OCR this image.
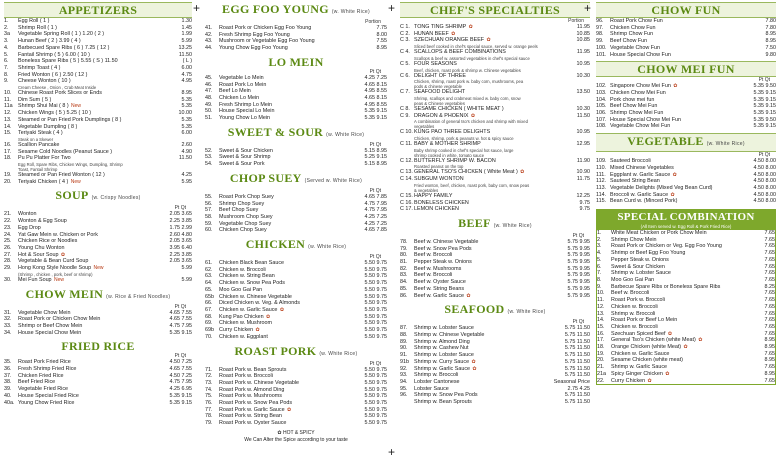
APPETIZERS
1.	Egg Roll ( 1 )	1.30
2.	Shrimp Roll ( 1 )	1.45
3a	Vegetable Spring Roll ( 1 ) 1.20 ( 2 )	1.99
3.	Hunan Beef ( 2 ) 3.99 ( 4 )	5.99
4.	Barbecued Spare Ribs ( 6 ) 7.25 ( 12 )	13.25
5.	Fantail Shrimp ( 5 ) 6.00 ( 10 )	11.50
6.	Boneless Spare Ribs ( 5 ) 5.55 ( S ) 11.50	( L )
7.	Shrimp Toast ( 4 )	6.00
8.	Fried Wonton ( 6 ) 2.50 ( 12 )	4.75
9.	Cheese Wonton ( 10 )	4.95
Cream Cheese , Onion , Crab Meat Inside
10.	Chinese Roast Pork Slices or Ends	8.95
11.	Dim Sum ( 5 )	5.35
11a	Shrimp Shui Mai ( 8 ) New	5.35
12.	Chicken Wings ( 5 ) 5.25 ( 10 )	10.00
13.	Steamed or Pan Fried Pork Dumplings ( 8 )	5.35
14.	Vegetable Dumpling ( 8 )	5.35
15.	Teriyaki Steak ( 4 )	6.00
Steak on a Skewer
16.	Scallion Pancake	2.60
17.	Sesame Cold Noodles (Peanut Sauce )	4.90
18.	Pu Pu Platter For Two	11.50
Egg Roll, Spare Ribs, Chicken Wings, Dumpling, Shrimp
Toast, Fantail Shrimp
19.	Steamed or Pan Fried Wonton ( 12 )	4.25
20.	Teriyaki Chicken ( 4 ) New	5.95
SOUP (w. Crispy Noodles)
Pt Qt
21.	Wonton	2.05 3.65
22.	Wonton & Egg Soup	2.25 3.85
23.	Egg Drop	1.75 2.99
24.	Yat Gaw Mein w. Chicken or Pork	2.60 4.80
25.	Chicken Rice or Noodles	2.05 3.65
26.	Young Chu Wonton	3.95 6.40
27.	Hot & Sour Soup ✿	2.25 3.85
28.	Vegetable & Bean Curd Soup	2.05 3.65
29.	Hong Kong Style Noodle Soup New	5.99
(Shrimp , chicken , pork, beef or shrimp)
30.	Mei Fun Soup New	5.99
CHOW MEIN (w. Rice & Fried Noodles)
Pt Qt
31.	Vegetable Chow Mein	4.65 7.55
32.	Roast Pork or Chicken Chow Mein	4.65 7.55
33.	Shrimp or Beef Chow Mein	4.75 7.95
34.	House Special Chow Mein	5.35 9.15
FRIED RICE
Pt Qt
35.	Roast Pork Fried Rice	4.50 7.25
36.	Fresh Shrimp Fried Rice	4.65 7.55
37.	Chicken Fried Rice	4.50 7.25
38.	Beef Fried Rice	4.75 7.95
39.	Vegetable Fried Rice	4.25 6.95
40.	House Special Fried Rice	5.35 9.15
40a. Young Chow Fried Rice	5.35 9.15
EGG FOO YOUNG (w. White Rice)
Portion
41.	Roast Pork or Chicken Egg Foo Young	7.75
42.	Fresh Shrimp Egg Foo Young	8.00
43.	Mushroom or Vegetable Egg Foo Young	7.55
44.	Young Chow Egg Foo Young	8.95
LO MEIN
Pt Qt
45.	Vegetable Lo Mein	4.25 7.25
46.	Roast Pork Lo Mein	4.65 8.15
47.	Beef Lo Mein	4.95 8.55
48.	Chicken Lo Mein	4.65 8.15
49.	Fresh Shrimp Lo Mein	4.95 8.55
50.	House Special Lo Mein	5.35 9.15
51.	Young Chow Lo Mein	5.35 9.15
SWEET & SOUR (w. White Rice)
Pt Qt
52.	Sweet & Sour Chicken	5.15 8.95
53.	Sweet & Sour Shrimp	5.25 9.15
54.	Sweet & Sour Pork	5.15 8.95
CHOP SUEY (Served w. White Rice)
Pt Qt
55.	Roast Pork Chop Suey	4.65 7.85
56.	Shrimp Chop Suey	4.75 7.95
57.	Beef Chop Suey	4.75 7.95
58.	Mushroom Chop Suey	4.25 7.25
59.	Vegetable Chop Suey	4.25 7.25
60.	Chicken Chop Suey	4.65 7.85
CHICKEN (w. White Rice)
Pt Qt
61.	Chicken Black Bean Sauce	5.50 9.75
62.	Chicken w. Broccoli	5.50 9.75
63.	Chicken w. String Bean	5.50 9.75
64.	Chicken w. Snow Pea Pods	5.50 9.75
65.	Moo Goo Gai Pan	5.50 9.75
65b Chicken w. Chinese Vegetable	5.50 9.75
66.	Diced Chicken w. Veg. & Almonds	5.50 9.75
67.	Chicken w. Garlic Sauce ✿	5.50 9.75
68.	Kung Pao Chicken ✿	5.50 9.75
69.	Chicken w. Mushroom	5.50 9.75
69b Curry Chicken ✿	5.50 9.75
70.	Chicken w. Eggplant	5.50 9.75
ROAST PORK (w. White Rice)
Pt Qt
71.	Roast Pork w. Bean Sprouts	5.50 9.75
72.	Roast Pork w. Broccoli	5.50 9.75
73.	Roast Pork w. Chinese Vegetable	5.50 9.75
74.	Roast Pork w. Almond Ding	5.50 9.75
75.	Roast Pork w. Mushrooms	5.50 9.75
76.	Roast Pork w. Snow Pea Pods	5.50 9.75
77.	Roast Pork w. Garlic Sauce ✿	5.50 9.75
78.	Roast Pork w. String Bean	5.50 9.75
79.	Roast Pork w. Oyster Sauce	5.50 9.75
✿ HOT & SPICY
We Can Alter the Spice according to your taste
CHEF'S SPECIALTIES
Portion
C 1. TONG TING SHRIMP ✿	11.95
C 2. HUNAN BEEF ✿	10.85
C 3. SZECHUAN ORANGE BEEF ✿	10.85
Sliced beef cooked in chef's special sauce, served w. orange peels
C 4. SCALLOPS & BEEF COMBINATIONS	11.95
Scallops & beef w. assorted vegetables in chef's special sauce
C 5. FOUR SEASONS	10.95
Beef, chicken, roast pork & shrimp w. Chinese vegetables
C 6. DELIGHT OF THREE	10.30
Chicken, shrimp, roast pork w. baby corn, mushrooms, pea
pods & chinese vegetable
C 7. SEAFOOD DELIGHT	13.50
Shrimp, scallops and crabmeat mixed w. baby corn, snow
peas & Chinese vegetables
C 8. SESAME CHICKEN ( WHITE MEAT )	10.30
C 9. DRAGON & PHOENIX ✿	11.50
A combination of general tso's chicken and shrimp with mixed
vegetables
C 10. KUNG PAO THREE DELIGHTS	10.95
Chicken, shrimp, pork & peanuts w. hot & spicy sauce
C 11. BABY & MOTHER SHRIMP	12.95
Baby shrimp cooked in chef's special hot sauce, large
shrimp cooked in white, tomato sauce
C 12. BUTTERFLY SHRIMP W. BACON	11.90
Roasted peanut on the top
C 13. GENERAL TSO'S CHICKEN ( White Meat ) ✿	10.90
C 14. SUBGUM WONTON	11.75
Fried wonton, beef, chicken, roast pork, baby corn, snow peas
& vegetables
C 15. HAPPY FAMILY	12.25
C 16. BONELESS CHICKEN	9.75
C 17. LEMON CHICKEN	9.75
BEEF (w. White Rice)
Pt Qt
78.	Beef w. Chinese Vegetable	5.75 9.95
79.	Beef w. Snow Pea Pods	5.75 9.95
80.	Beef w. Broccoli	5.75 9.95
81.	Pepper Steak w. Onions	5.75 9.95
82.	Beef w. Mushrooms	5.75 9.95
83.	Beef w. Broccoli	5.75 9.95
84.	Beef w. Oyster Sauce	5.75 9.95
85.	Beef w. String Beans	5.75 9.95
86.	Beef w. Garlic Sauce ✿	5.75 9.95
SEAFOOD (w. White Rice)
Pt Qt
87.	Shrimp w. Lobster Sauce	5.75 11.50
88.	Shrimp w. Chinese Vegetable	5.75 11.50
89.	Shrimp w. Almond Ding	5.75 11.50
90.	Shrimp w. Cashew Nut	5.75 11.50
91.	Shrimp w. Lobster Sauce	5.75 11.50
91b Shrimp w. Curry Sauce ✿	5.75 11.50
92.	Shrimp w. Garlic Sauce ✿	5.75 11.50
93.	Shrimp w. Broccoli	5.75 11.50
94.	Lobster Cantonese	Seasonal Price
95.	Lobster Sauce	2.75 4.25
96.	Shrimp w. Snow Pea Pods	5.75 11.50
Shrimp w. Bean Sprouts	5.75 11.50
CHOW FUN
96.	Roast Pork Chow Fun	7.80
97.	Chicken Chow Fun	7.80
98.	Shrimp Chow Fun	8.95
99.	Beef Chow Fun	8.95
100. Vegetable Chow Fun	7.50
101. House Special Chow Fun	9.80
CHOW MEI FUN
Pt Qt
102. Singapore Chow Mei Fun ✿	5.35 9.50
103. Chicken Chow Mei Fun	5.35 9.15
104. Pork chow mei fun	5.35 9.15
105. Beef Chow Mei Fun	5.35 9.15
106. Shrimp Chow Mei Fun	5.35 9.15
107. House Special Chow Mei Fun	5.35 9.50
108. Vegetable Chow Mei Fun	5.35 9.15
VEGETABLE (w. White Rice)
Pt Qt
109. Sauteed Broccoli	4.50 8.00
110. Mixed Chinese Vegetables	4.50 8.00
111. Eggplant w. Garlic Sauce ✿	4.50 8.00
112. Sauteed String Bean	4.50 8.00
113. Vegetable Delights (Mixed Veg Bean Curd)	4.50 8.00
114. Broccoli w. Garlic Sauce ✿	4.50 8.00
115. Bean Curd w. (Minced Pork)	4.50 8.00
SPECIAL COMBINATION
(All Item served w. Egg Roll & Pork Fried Rice)
1.	White Meat Chicken or Pork Chow Mein	7.65
2.	Shrimp Chow Mein	7.65
3.	Roast Pork or Chicken or Veg. Egg Foo Young	7.65
4.	Shrimp or Beef Egg Foo Young	7.65
5.	Pepper Steak w. Onions	7.65
6.	Sweet & Sour Chicken	7.65
7.	Shrimp w. Lobster Sauce	7.65
8.	Moo Goo Gai Pan	7.65
9.	Barbecue Spare Ribs or Boneless Spare Ribs	8.25
10.	Beef w. Broccoli	7.65
11.	Roast Pork w. Broccoli	7.65
12.	Chicken w. Broccoli	7.65
13.	Shrimp w. Broccoli	7.65
14.	Roast Pork or Beef Lo Mein	7.65
15.	Chicken w. Broccoli	7.65
16.	Szechuan Spiced Beef ✿	7.65
17.	General Tso's Chicken (white Meat) ✿	8.95
18.	Orange Chicken (white Meat) ✿	8.95
19.	Chicken w. Garlic Sauce	7.65
20.	Sesame Chicken (white meat)	8.95
21.	Shrimp w. Garlic Sauce	7.65
21a Spicy Ginger Chicken ✿	8.95
22.	Curry Chicken ✿	7.65
+	+	+
+
